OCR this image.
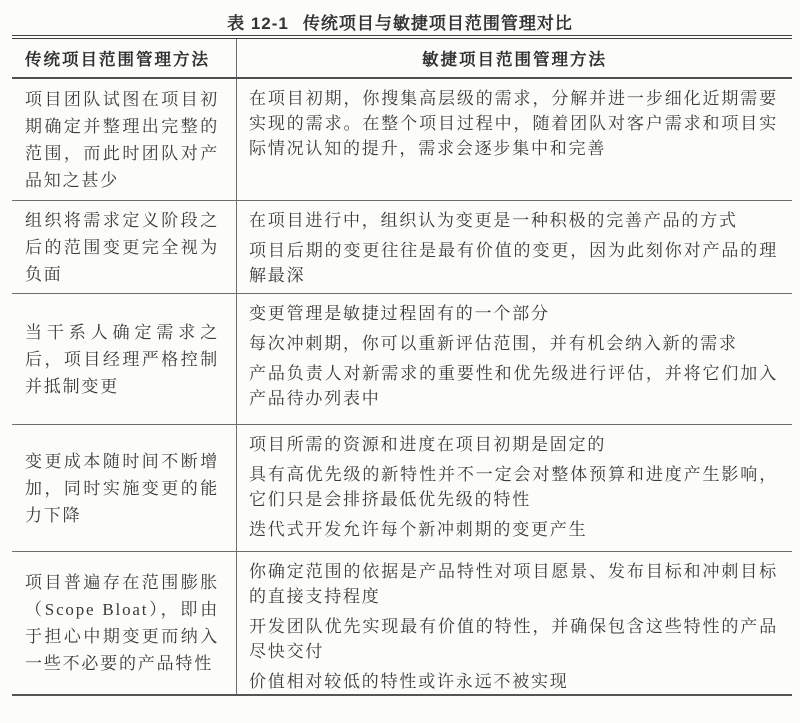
表 12-1 传统项目与敏捷项目范围管理对比
传统项目范围管理方法	敏捷项目范围管理方法

项目团队试图在项目初期确定并整理出完整的范围，而此时团队对产品知之甚少

在项目初期，你搜集高层级的需求，分解并进一步细化近期需要实现的需求。在整个项目过程中，随着团队对客户需求和项目实际情况认知的提升，需求会逐步集中和完善

组织将需求定义阶段之后的范围变更完全视为负面

在项目进行中，组织认为变更是一种积极的完善产品的方式

项目后期的变更往往是最有价值的变更，因为此刻你对产品的理解最深

当干系人确定需求之后，项目经理严格控制并抵制变更

变更管理是敏捷过程固有的一个部分

每次冲刺期，你可以重新评估范围，并有机会纳入新的需求

产品负责人对新需求的重要性和优先级进行评估，并将它们加入产品待办列表中

变更成本随时间不断增加，同时实施变更的能力下降

项目所需的资源和进度在项目初期是固定的

具有高优先级的新特性并不一定会对整体预算和进度产生影响，它们只是会排挤最低优先级的特性

迭代式开发允许每个新冲刺期的变更产生

项目普遍存在范围膨胀（Scope Bloat），即由于担心中期变更而纳入一些不必要的产品特性

你确定范围的依据是产品特性对项目愿景、发布目标和冲刺目标的直接支持程度

开发团队优先实现最有价值的特性，并确保包含这些特性的产品尽快交付

价值相对较低的特性或许永远不被实现
